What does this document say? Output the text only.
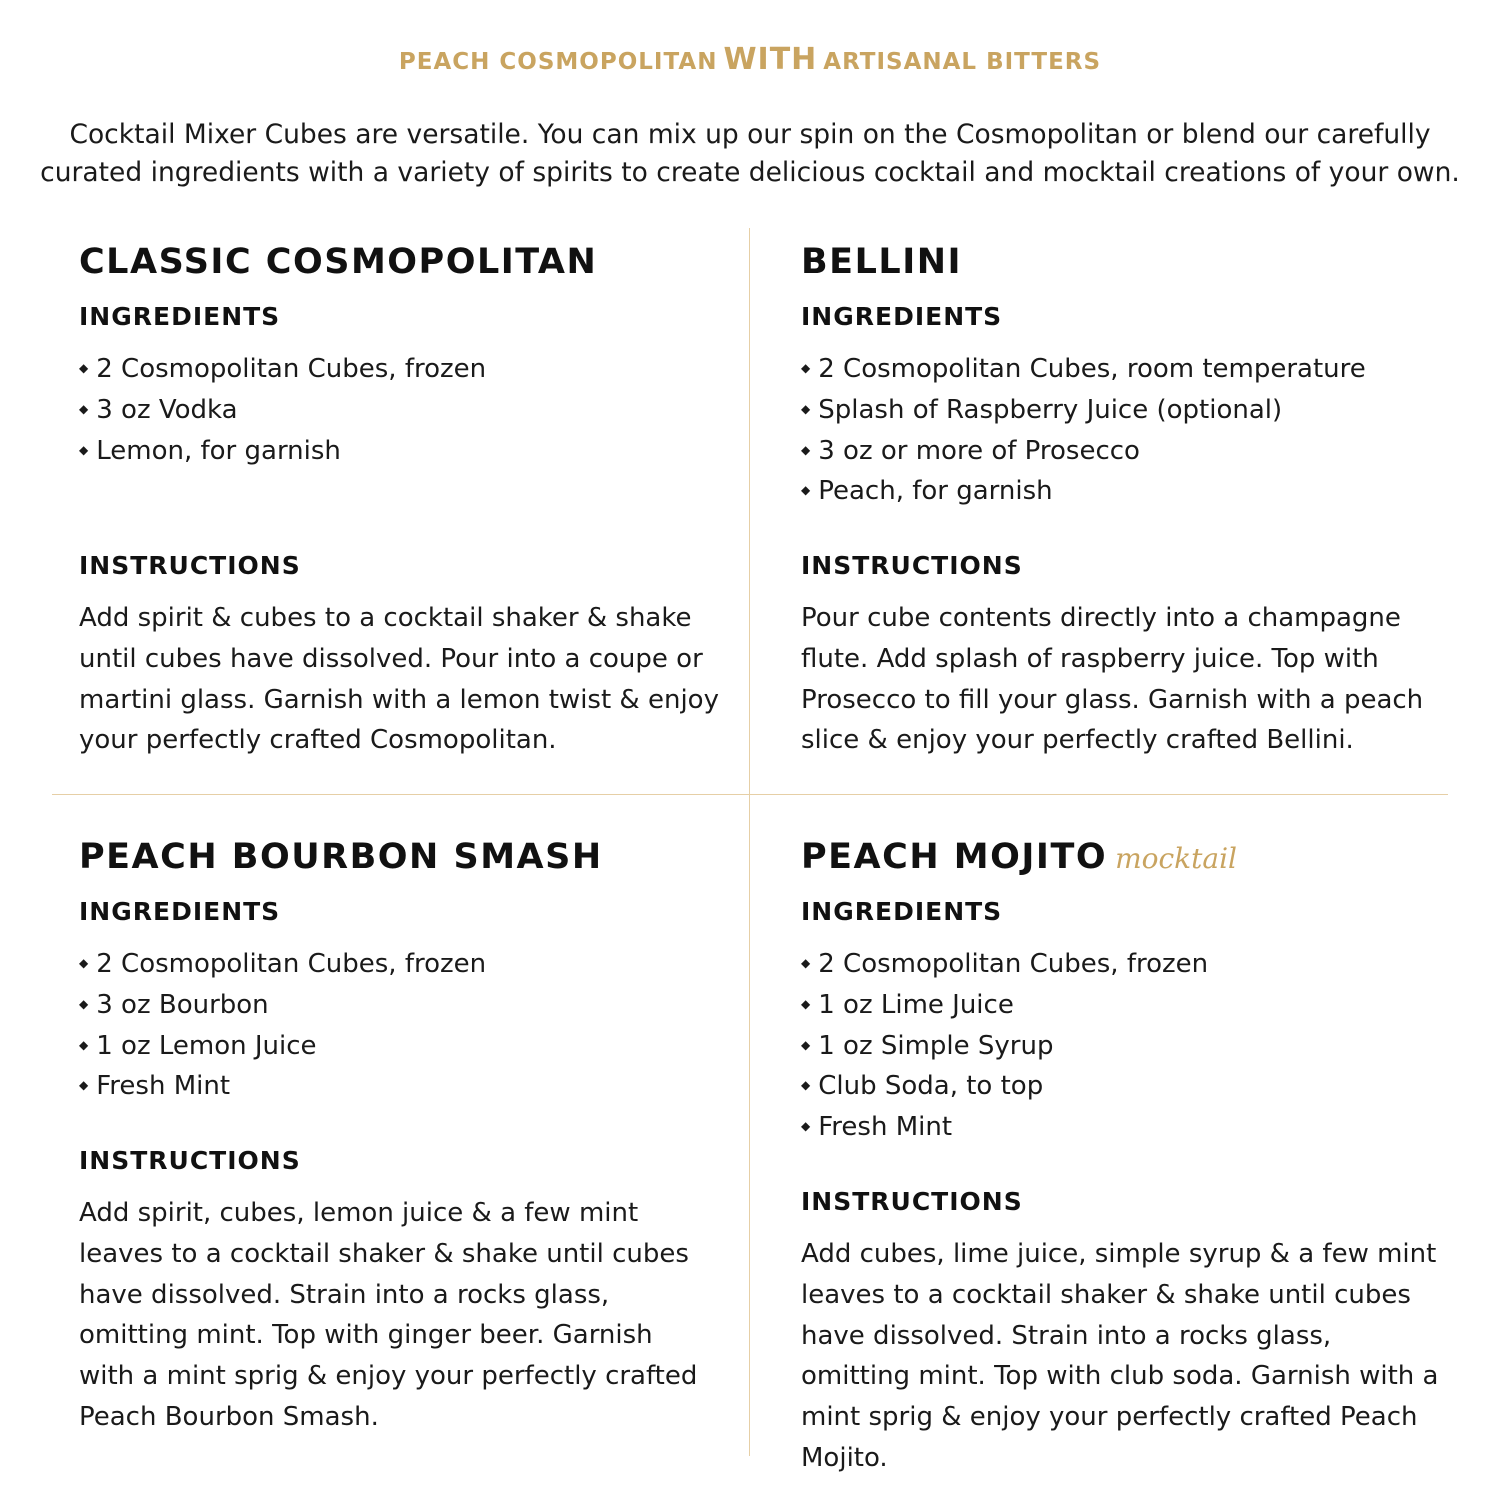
PEACH COSMOPOLITAN WITH ARTISANAL BITTERS
Cocktail Mixer Cubes are versatile. You can mix up our spin on the Cosmopolitan or blend our carefully curated ingredients with a variety of spirits to create delicious cocktail and mocktail creations of your own.
CLASSIC COSMOPOLITAN
INGREDIENTS
◆ 2 Cosmopolitan Cubes, frozen
◆ 3 oz Vodka
◆ Lemon, for garnish
INSTRUCTIONS
Add spirit & cubes to a cocktail shaker & shake until cubes have dissolved. Pour into a coupe or martini glass. Garnish with a lemon twist & enjoy your perfectly crafted Cosmopolitan.
BELLINI
INGREDIENTS
◆ 2 Cosmopolitan Cubes, room temperature
◆ Splash of Raspberry Juice (optional)
◆ 3 oz or more of Prosecco
◆ Peach, for garnish
INSTRUCTIONS
Pour cube contents directly into a champagne flute. Add splash of raspberry juice. Top with Prosecco to fill your glass. Garnish with a peach slice & enjoy your perfectly crafted Bellini.
PEACH BOURBON SMASH
INGREDIENTS
◆ 2 Cosmopolitan Cubes, frozen
◆ 3 oz Bourbon
◆ 1 oz Lemon Juice
◆ Fresh Mint
INSTRUCTIONS
Add spirit, cubes, lemon juice & a few mint leaves to a cocktail shaker & shake until cubes have dissolved. Strain into a rocks glass, omitting mint. Top with ginger beer. Garnish with a mint sprig & enjoy your perfectly crafted Peach Bourbon Smash.
PEACH MOJITO mocktail
INGREDIENTS
◆ 2 Cosmopolitan Cubes, frozen
◆ 1 oz Lime Juice
◆ 1 oz Simple Syrup
◆ Club Soda, to top
◆ Fresh Mint
INSTRUCTIONS
Add cubes, lime juice, simple syrup & a few mint leaves to a cocktail shaker & shake until cubes have dissolved. Strain into a rocks glass, omitting mint. Top with club soda. Garnish with a mint sprig & enjoy your perfectly crafted Peach Mojito.
